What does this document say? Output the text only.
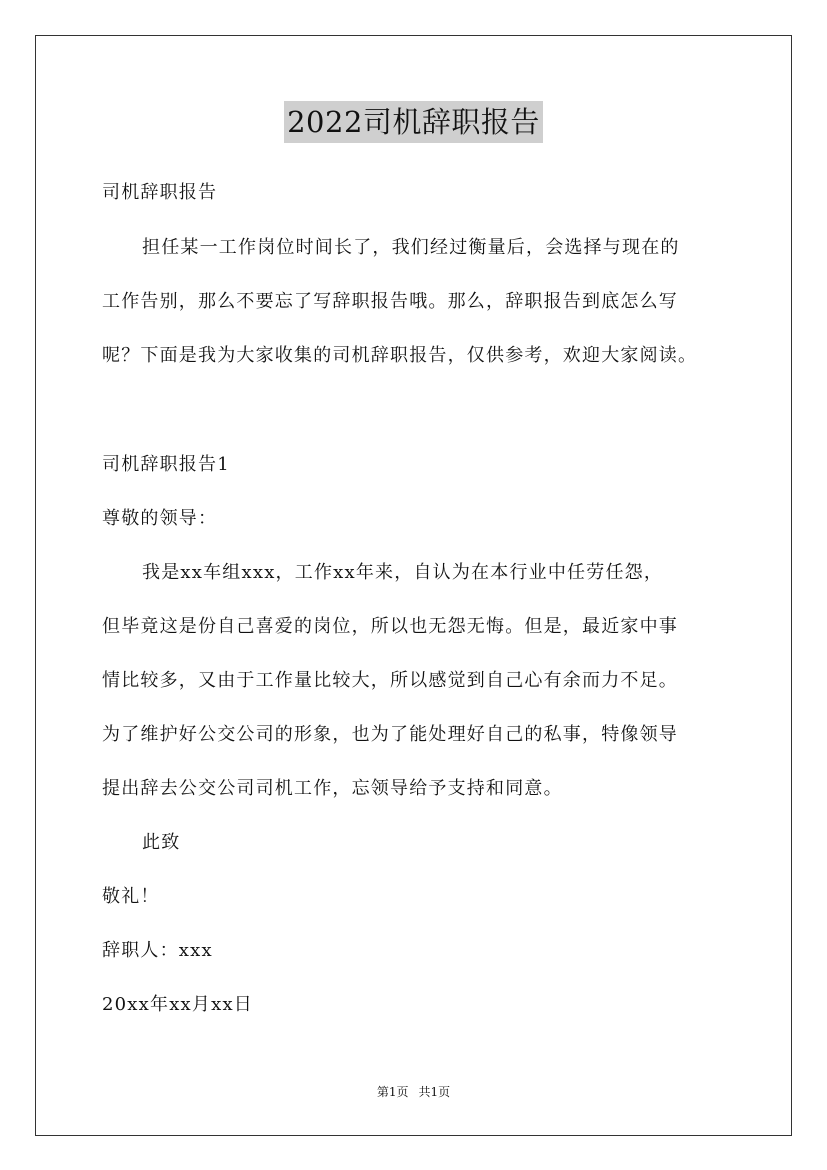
2022司机辞职报告
司机辞职报告
担任某一工作岗位时间长了，我们经过衡量后，会选择与现在的
工作告别，那么不要忘了写辞职报告哦。那么，辞职报告到底怎么写
呢？下面是我为大家收集的司机辞职报告，仅供参考，欢迎大家阅读。
司机辞职报告1
尊敬的领导：
我是xx车组xxx，工作xx年来，自认为在本行业中任劳任怨，
但毕竟这是份自己喜爱的岗位，所以也无怨无悔。但是，最近家中事
情比较多，又由于工作量比较大，所以感觉到自己心有余而力不足。
为了维护好公交公司的形象，也为了能处理好自己的私事，特像领导
提出辞去公交公司司机工作，忘领导给予支持和同意。
此致
敬礼！
辞职人：xxx
20xx年xx月xx日
第1页 共1页
